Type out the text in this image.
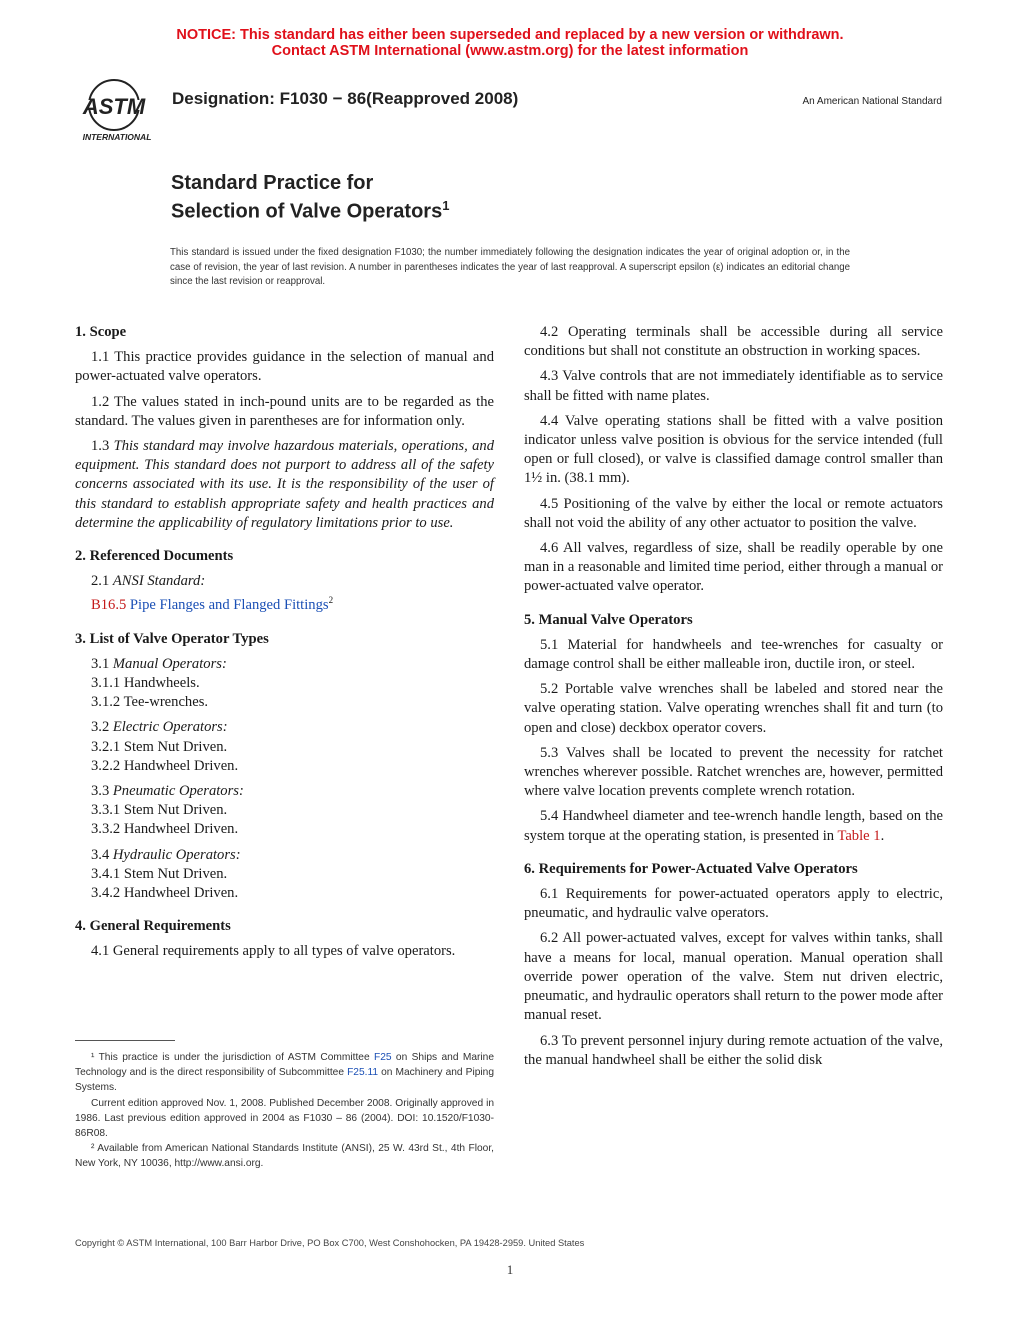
NOTICE: This standard has either been superseded and replaced by a new version or withdrawn.
Contact ASTM International (www.astm.org) for the latest information
ASTM
INTERNATIONAL
Designation: F1030 − 86(Reapproved 2008)	An American National Standard
Standard Practice for
Selection of Valve Operators$^1$
This standard is issued under the fixed designation F1030; the number immediately following the designation indicates the year of original adoption or, in the case of revision, the year of last revision. A number in parentheses indicates the year of last reapproval. A superscript epsilon (ε) indicates an editorial change since the last revision or reapproval.

1. Scope

1.1 This practice provides guidance in the selection of manual and power-actuated valve operators.

1.2 The values stated in inch-pound units are to be regarded as the standard. The values given in parentheses are for information only.

1.3 This standard may involve hazardous materials, operations, and equipment. This standard does not purport to address all of the safety concerns associated with its use. It is the responsibility of the user of this standard to establish appropriate safety and health practices and determine the applicability of regulatory limitations prior to use.

2. Referenced Documents

2.1 ANSI Standard:

B16.5 Pipe Flanges and Flanged Fittings$^2$

3. List of Valve Operator Types

3.1 Manual Operators:

3.1.1 Handwheels.

3.1.2 Tee-wrenches.

3.2 Electric Operators:

3.2.1 Stem Nut Driven.

3.2.2 Handwheel Driven.

3.3 Pneumatic Operators:

3.3.1 Stem Nut Driven.

3.3.2 Handwheel Driven.

3.4 Hydraulic Operators:

3.4.1 Stem Nut Driven.

3.4.2 Handwheel Driven.

4. General Requirements

4.1 General requirements apply to all types of valve operators.

¹ This practice is under the jurisdiction of ASTM Committee F25 on Ships and Marine Technology and is the direct responsibility of Subcommittee F25.11 on Machinery and Piping Systems.

Current edition approved Nov. 1, 2008. Published December 2008. Originally approved in 1986. Last previous edition approved in 2004 as F1030 – 86 (2004). DOI: 10.1520/F1030-86R08.

² Available from American National Standards Institute (ANSI), 25 W. 43rd St., 4th Floor, New York, NY 10036, http://www.ansi.org.

4.2 Operating terminals shall be accessible during all service conditions but shall not constitute an obstruction in working spaces.

4.3 Valve controls that are not immediately identifiable as to service shall be fitted with name plates.

4.4 Valve operating stations shall be fitted with a valve position indicator unless valve position is obvious for the service intended (full open or full closed), or valve is classified damage control smaller than 1½ in. (38.1 mm).

4.5 Positioning of the valve by either the local or remote actuators shall not void the ability of any other actuator to position the valve.

4.6 All valves, regardless of size, shall be readily operable by one man in a reasonable and limited time period, either through a manual or power-actuated valve operator.

5. Manual Valve Operators

5.1 Material for handwheels and tee-wrenches for casualty or damage control shall be either malleable iron, ductile iron, or steel.

5.2 Portable valve wrenches shall be labeled and stored near the valve operating station. Valve operating wrenches shall fit and turn (to open and close) deckbox operator covers.

5.3 Valves shall be located to prevent the necessity for ratchet wrenches wherever possible. Ratchet wrenches are, however, permitted where valve location prevents complete wrench rotation.

5.4 Handwheel diameter and tee-wrench handle length, based on the system torque at the operating station, is presented in Table 1.

6. Requirements for Power-Actuated Valve Operators

6.1 Requirements for power-actuated operators apply to electric, pneumatic, and hydraulic valve operators.

6.2 All power-actuated valves, except for valves within tanks, shall have a means for local, manual operation. Manual operation shall override power operation of the valve. Stem nut driven electric, pneumatic, and hydraulic operators shall return to the power mode after manual reset.

6.3 To prevent personnel injury during remote actuation of the valve, the manual handwheel shall be either the solid disk

Copyright © ASTM International, 100 Barr Harbor Drive, PO Box C700, West Conshohocken, PA 19428-2959. United States
1
